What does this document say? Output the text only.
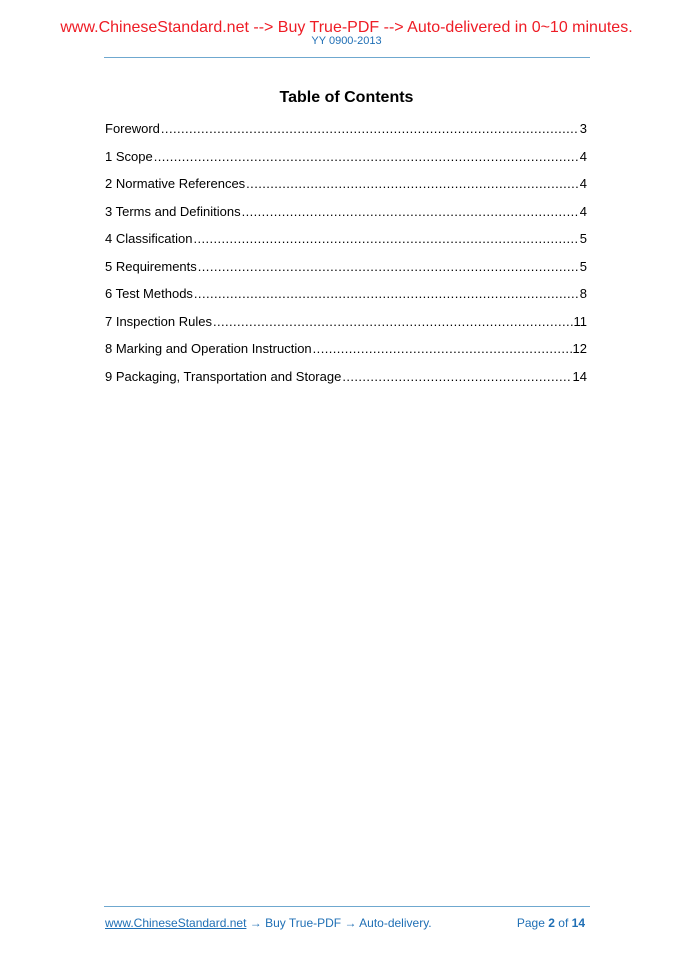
www.ChineseStandard.net --> Buy True-PDF --> Auto-delivered in 0~10 minutes.
YY 0900-2013
Table of Contents
Foreword .....	3
1 Scope .....	4
2 Normative References .....	4
3 Terms and Definitions .....	4
4 Classification .....	5
5 Requirements .....	5
6 Test Methods .....	8
7 Inspection Rules .....	11
8 Marking and Operation Instruction .....	12
9 Packaging, Transportation and Storage .....	14
www.ChineseStandard.net → Buy True-PDF → Auto-delivery.	Page 2 of 14
